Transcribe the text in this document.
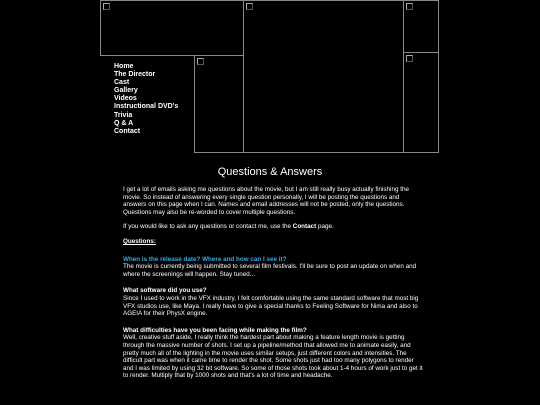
Home
The Director
Cast
Gallery
Videos
Instructional DVD's
Trivia
Q & A
Contact
Questions & Answers

I get a lot of emails asking me questions about the movie, but I am still really busy actually finishing the movie. So instead of answering every single question personally, I will be posting the questions and answers on this page when I can. Names and email addresses will not be posted, only the questions. Questions may also be re-worded to cover multiple questions.

If you would like to ask any questions or contact me, use the Contact page.

Questions:

When is the release date? Where and how can I see it?
The movie is currently being submitted to several film festivals. I'll be sure to post an update on when and where the screenings will happen. Stay tuned...

What software did you use?
Since I used to work in the VFX industry, I felt comfortable using the same standard software that most big VFX studios use, like Maya. I really have to give a special thanks to Feeling Software for Nima and also to AGEIA for their PhysX engine.

What difficulties have you been facing while making the film?
Well, creative stuff aside, I really think the hardest part about making a feature length movie is getting through the massive number of shots. I set up a pipeline/method that allowed me to animate easily, and pretty much all of the lighting in the movie uses similar setups, just different colors and intensities. The difficult part was when it came time to render the shot. Some shots just had too many polygons to render and I was limited by using 32 bit software. So some of those shots took about 1-4 hours of work just to get it to render. Multiply that by 1000 shots and that's a lot of time and headache.
